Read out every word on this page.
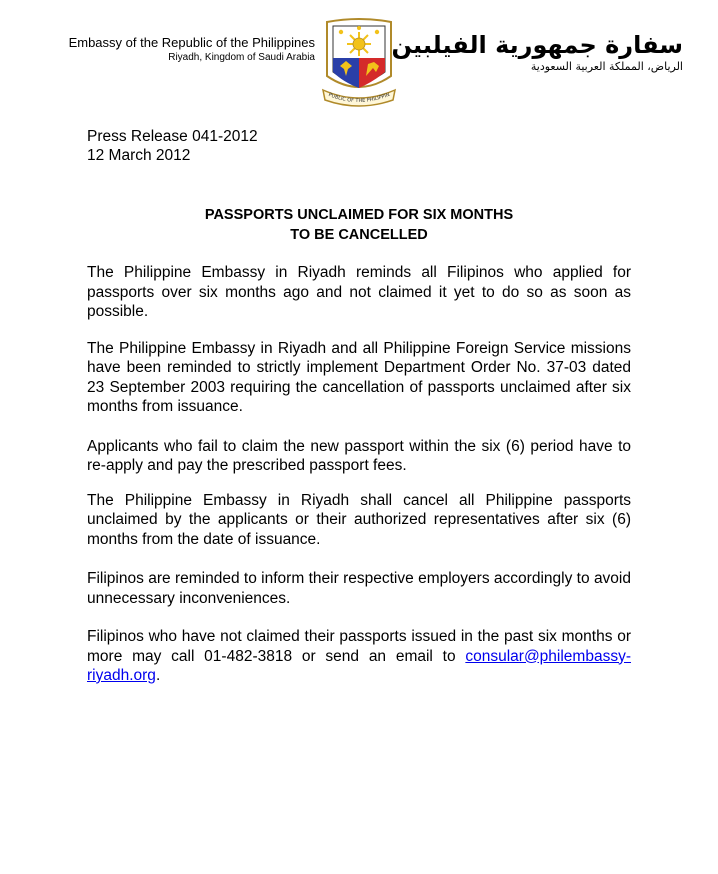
Embassy of the Republic of the Philippines
Riyadh, Kingdom of Saudi Arabia
PUBLIC OF THE PHILIPPIN
سفارة جمهورية الفيلبين
الرياض، المملكة العربية السعودية
Press Release 041-2012
12 March 2012
PASSPORTS UNCLAIMED FOR SIX MONTHS
TO BE CANCELLED

The Philippine Embassy in Riyadh reminds all Filipinos who applied for passports over six months ago and not claimed it yet to do so as soon as possible.

The Philippine Embassy in Riyadh and all Philippine Foreign Service missions have been reminded to strictly implement Department Order No. 37-03 dated 23 September 2003 requiring the cancellation of passports unclaimed after six months from issuance.

Applicants who fail to claim the new passport within the six (6) period have to re-apply and pay the prescribed passport fees.

The Philippine Embassy in Riyadh shall cancel all Philippine passports unclaimed by the applicants or their authorized representatives after six (6) months from the date of issuance.

Filipinos are reminded to inform their respective employers accordingly to avoid unnecessary inconveniences.

Filipinos who have not claimed their passports issued in the past six months or more may call 01-482-3818 or send an email to consular@philembassy-riyadh.org.
